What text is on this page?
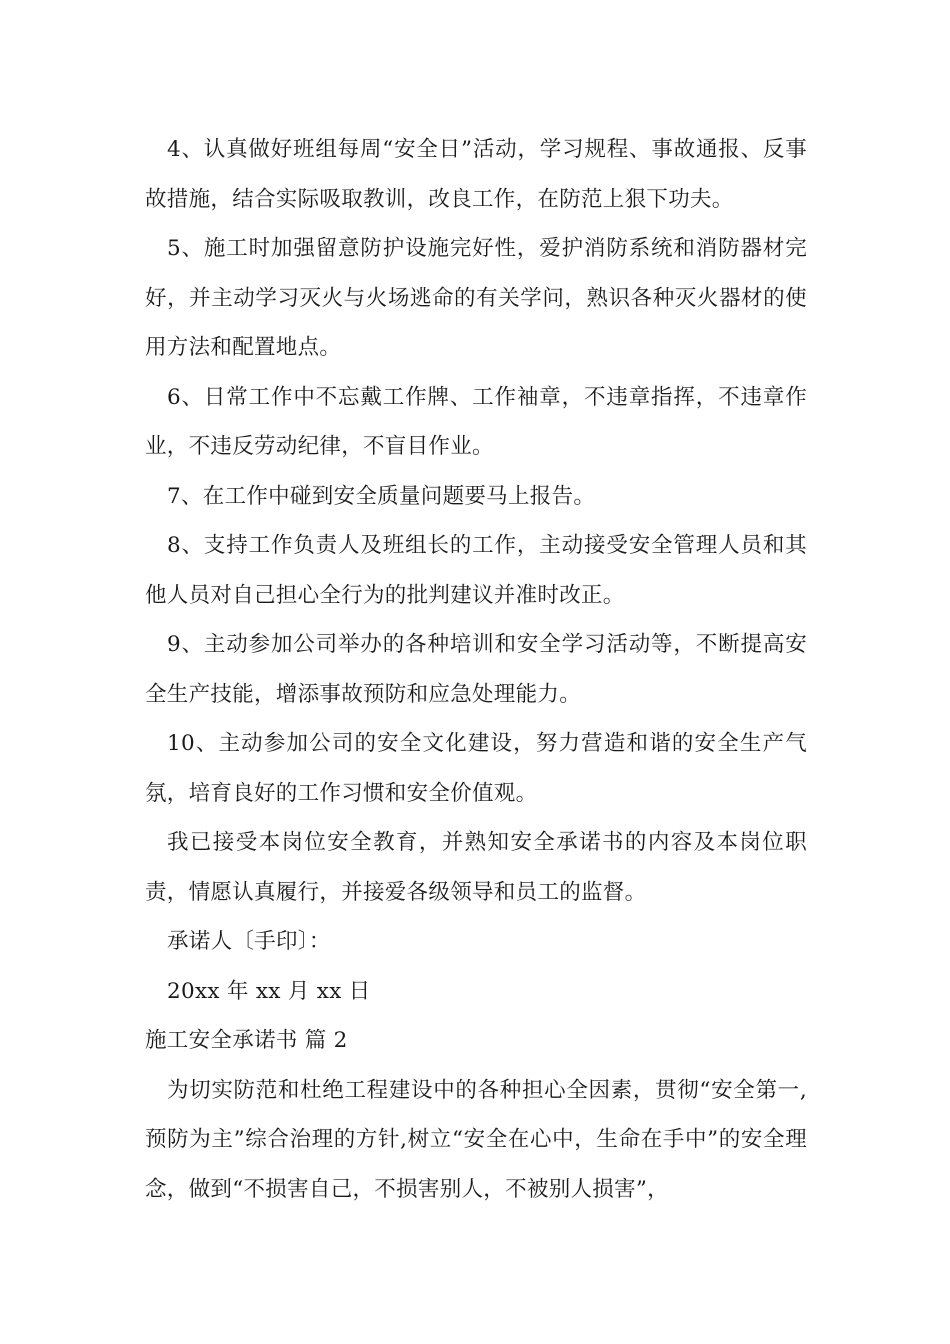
4、认真做好班组每周“安全日”活动，学习规程、事故通报、反事故措施，结合实际吸取教训，改良工作，在防范上狠下功夫。

5、施工时加强留意防护设施完好性，爱护消防系统和消防器材完好，并主动学习灭火与火场逃命的有关学问，熟识各种灭火器材的使用方法和配置地点。

6、日常工作中不忘戴工作牌、工作袖章，不违章指挥，不违章作业，不违反劳动纪律，不盲目作业。

7、在工作中碰到安全质量问题要马上报告。

8、支持工作负责人及班组长的工作，主动接受安全管理人员和其他人员对自己担心全行为的批判建议并准时改正。

9、主动参加公司举办的各种培训和安全学习活动等，不断提高安全生产技能，增添事故预防和应急处理能力。

10、主动参加公司的安全文化建设，努力营造和谐的安全生产气氛，培育良好的工作习惯和安全价值观。

我已接受本岗位安全教育，并熟知安全承诺书的内容及本岗位职责，情愿认真履行，并接爱各级领导和员工的监督。

承诺人〔手印〕：

20xx 年 xx 月 xx 日

施工安全承诺书 篇 2

为切实防范和杜绝工程建设中的各种担心全因素，贯彻“安全第一,预防为主”综合治理的方针,树立“安全在心中，生命在手中”的安全理念，做到“不损害自己，不损害别人，不被别人损害”，
